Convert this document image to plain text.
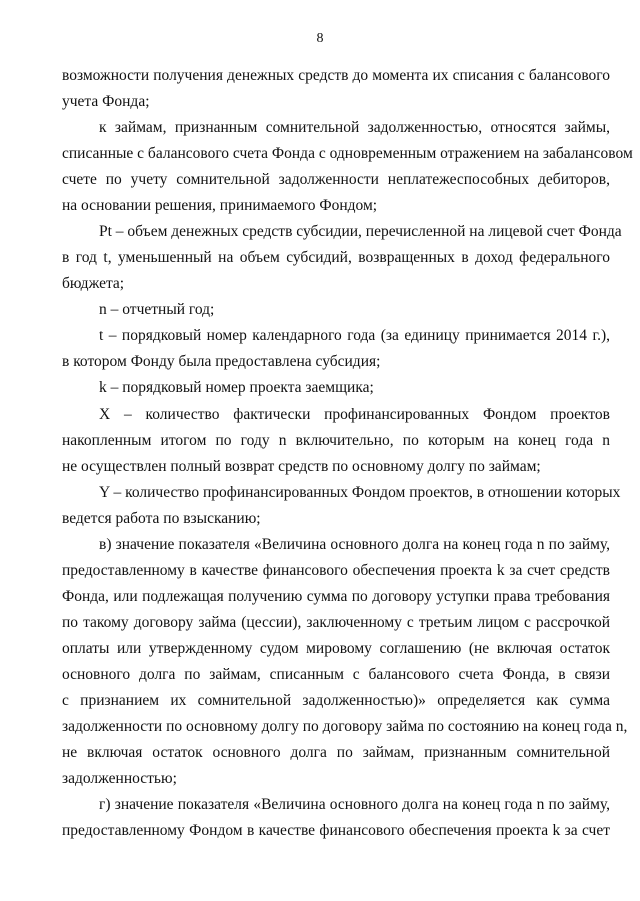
8
возможности получения денежных средств до момента их списания с балансового
учета Фонда;
к займам, признанным сомнительной задолженностью, относятся займы,
списанные с балансового счета Фонда с одновременным отражением на забалансовом
счете по учету сомнительной задолженности неплатежеспособных дебиторов,
на основании решения, принимаемого Фондом;
Pt – объем денежных средств субсидии, перечисленной на лицевой счет Фонда
в год t, уменьшенный на объем субсидий, возвращенных в доход федерального
бюджета;
n – отчетный год;
t – порядковый номер календарного года (за единицу принимается 2014 г.),
в котором Фонду была предоставлена субсидия;
k – порядковый номер проекта заемщика;
X – количество фактически профинансированных Фондом проектов
накопленным итогом по году n включительно, по которым на конец года n
не осуществлен полный возврат средств по основному долгу по займам;
Y – количество профинансированных Фондом проектов, в отношении которых
ведется работа по взысканию;
в) значение показателя «Величина основного долга на конец года n по займу,
предоставленному в качестве финансового обеспечения проекта k за счет средств
Фонда, или подлежащая получению сумма по договору уступки права требования
по такому договору займа (цессии), заключенному с третьим лицом с рассрочкой
оплаты или утвержденному судом мировому соглашению (не включая остаток
основного долга по займам, списанным с балансового счета Фонда, в связи
с признанием их сомнительной задолженностью)» определяется как сумма
задолженности по основному долгу по договору займа по состоянию на конец года n,
не включая остаток основного долга по займам, признанным сомнительной
задолженностью;
г) значение показателя «Величина основного долга на конец года n по займу,
предоставленному Фондом в качестве финансового обеспечения проекта k за счет
